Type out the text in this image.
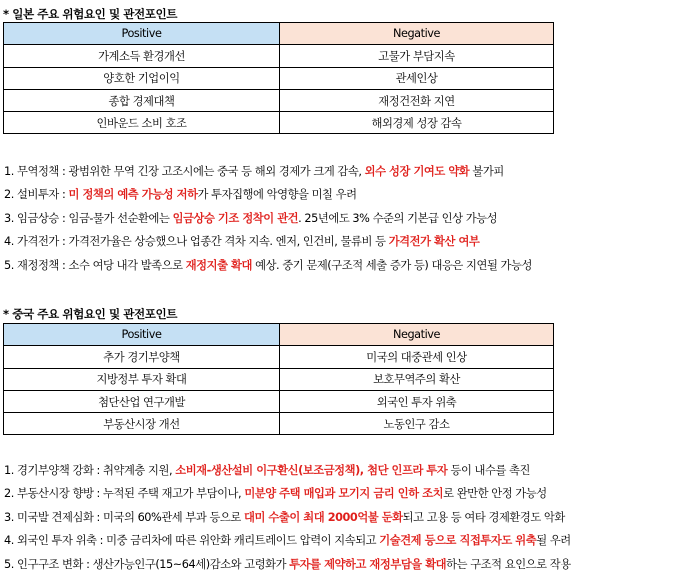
* 일본 주요 위험요인 및 관전포인트
Positive	Negative
가계소득 환경개선	고물가 부담지속
양호한 기업이익	관세인상
종합 경제대책	재정건전화 지연
인바운드 소비 호조	해외경제 성장 감속
1. 무역정책 : 광범위한 무역 긴장 고조시에는 중국 등 해외 경제가 크게 감속, 외수 성장 기여도 약화 불가피
2. 설비투자 : 미 정책의 예측 가능성 저하가 투자집행에 악영향을 미칠 우려
3. 임금상승 : 임금-물가 선순환에는 임금상승 기조 정착이 관건. 25년에도 3% 수준의 기본급 인상 가능성
4. 가격전가 : 가격전가율은 상승했으나 업종간 격차 지속. 엔저, 인건비, 물류비 등 가격전가 확산 여부
5. 재정정책 : 소수 여당 내각 발족으로 재정지출 확대 예상. 중기 문제(구조적 세출 증가 등) 대응은 지연될 가능성
* 중국 주요 위험요인 및 관전포인트
Positive	Negative
추가 경기부양책	미국의 대중관세 인상
지방정부 투자 확대	보호무역주의 확산
첨단산업 연구개발	외국인 투자 위축
부동산시장 개선	노동인구 감소
1. 경기부양책 강화 : 취약계층 지원, 소비재-생산설비 이구환신(보조금정책), 첨단 인프라 투자 등이 내수를 촉진
2. 부동산시장 향방 : 누적된 주택 재고가 부담이나, 미분양 주택 매입과 모기지 금리 인하 조치로 완만한 안정 가능성
3. 미국발 견제심화 : 미국의 60%관세 부과 등으로 대미 수출이 최대 2000억불 둔화되고 고용 등 여타 경제환경도 악화
4. 외국인 투자 위축 : 미중 금리차에 따른 위안화 캐리트레이드 압력이 지속되고 기술견제 등으로 직접투자도 위축될 우려
5. 인구구조 변화 : 생산가능인구(15~64세)감소와 고령화가 투자를 제약하고 재정부담을 확대하는 구조적 요인으로 작용
